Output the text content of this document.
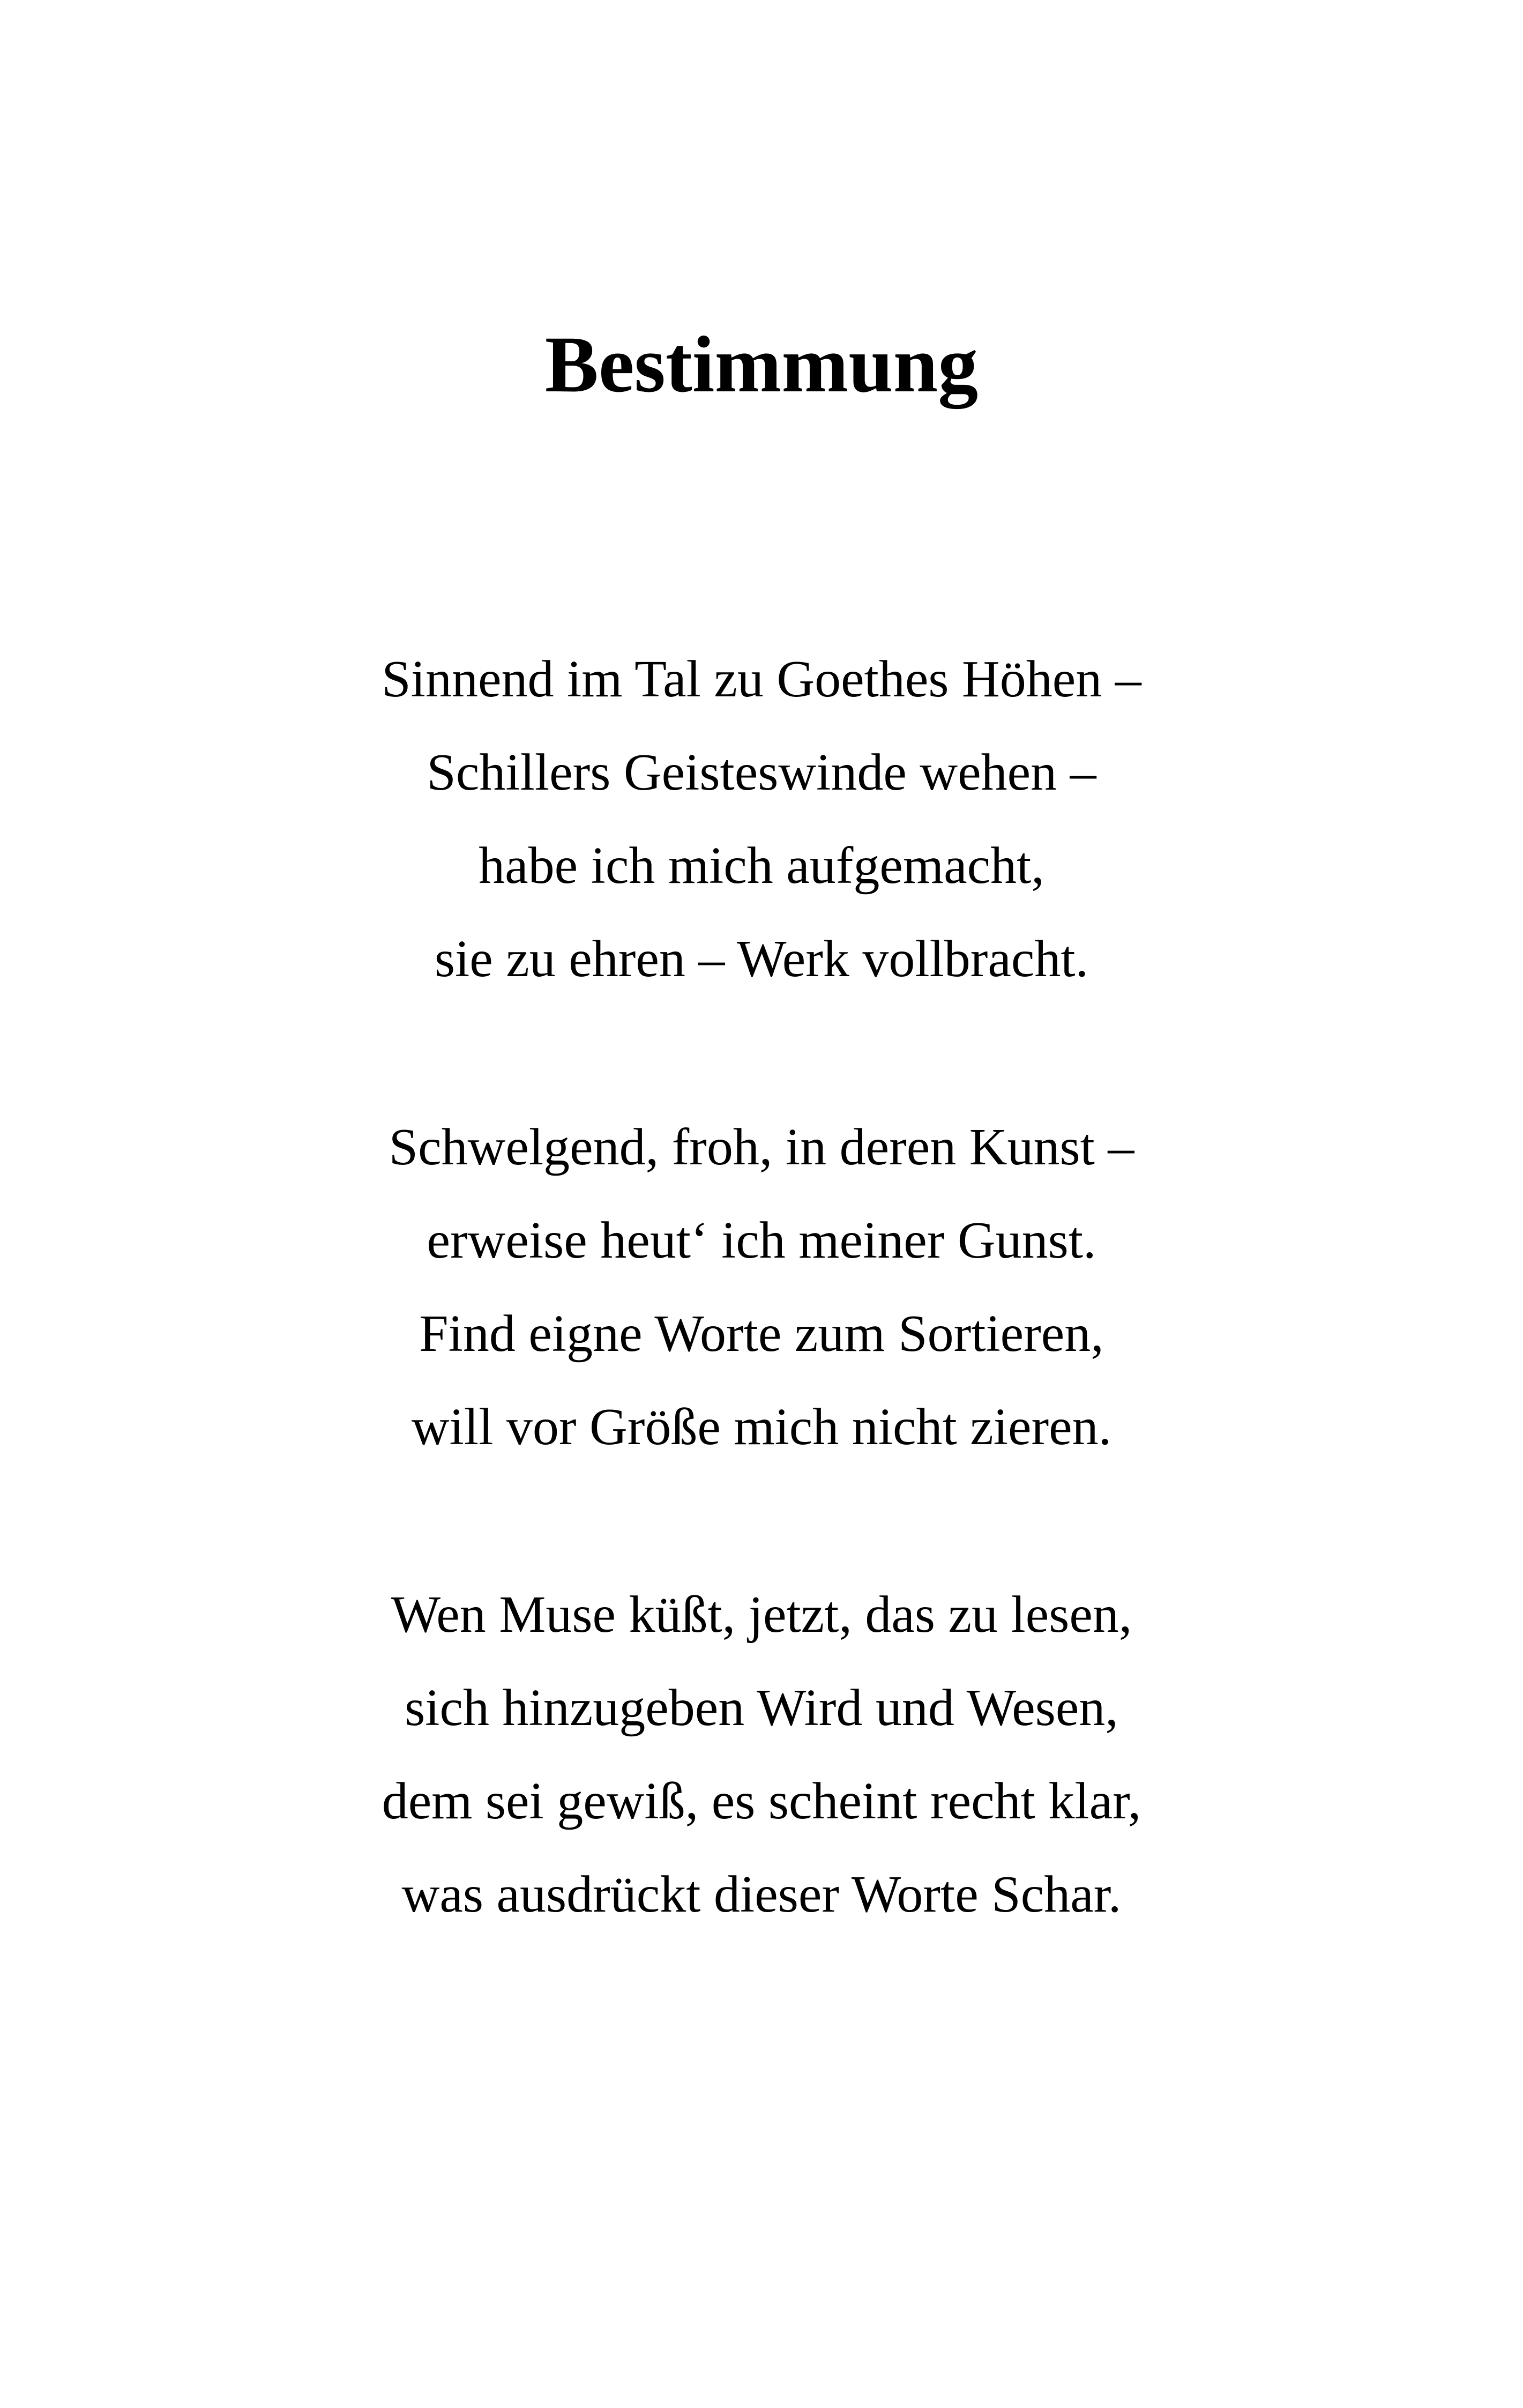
Bestimmung
Sinnend im Tal zu Goethes Höhen –
Schillers Geisteswinde wehen –
habe ich mich aufgemacht,
sie zu ehren – Werk vollbracht.
Schwelgend, froh, in deren Kunst –
erweise heut‘ ich meiner Gunst.
Find eigne Worte zum Sortieren,
will vor Größe mich nicht zieren.
Wen Muse küßt, jetzt, das zu lesen,
sich hinzugeben Wird und Wesen,
dem sei gewiß, es scheint recht klar,
was ausdrückt dieser Worte Schar.
